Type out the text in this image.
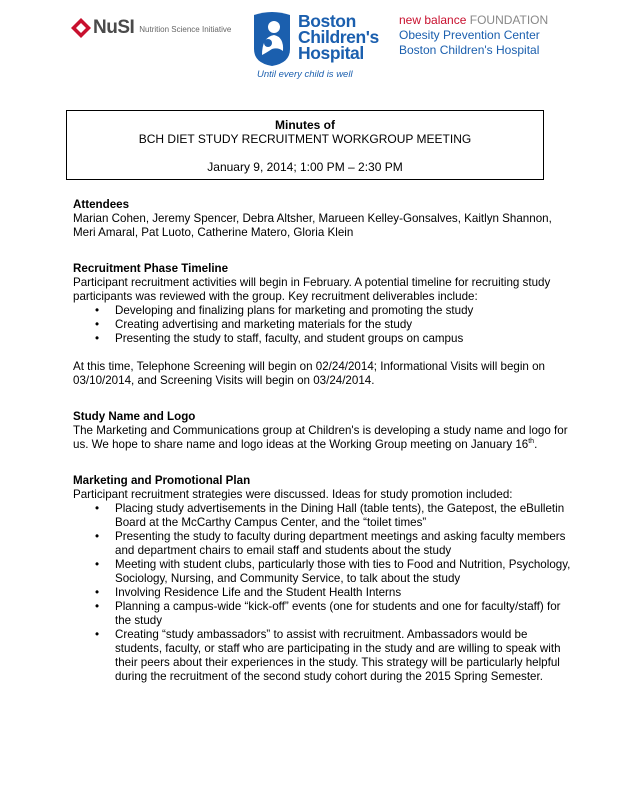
NuSI Nutrition Science Initiative	Boston
Children's
Hospital
Until every child is well
new balance FOUNDATION
Obesity Prevention Center
Boston Children's Hospital
Minutes of
BCH DIET STUDY RECRUITMENT WORKGROUP MEETING
January 9, 2014; 1:00 PM – 2:30 PM

Attendees

Marian Cohen, Jeremy Spencer, Debra Altsher, Marueen Kelley-Gonsalves, Kaitlyn Shannon, Meri Amaral, Pat Luoto, Catherine Matero, Gloria Klein

Recruitment Phase Timeline

Participant recruitment activities will begin in February. A potential timeline for recruiting study participants was reviewed with the group. Key recruitment deliverables include:

• Developing and finalizing plans for marketing and promoting the study
• Creating advertising and marketing materials for the study
• Presenting the study to staff, faculty, and student groups on campus

At this time, Telephone Screening will begin on 02/24/2014; Informational Visits will begin on 03/10/2014, and Screening Visits will begin on 03/24/2014.

Study Name and Logo

The Marketing and Communications group at Children's is developing a study name and logo for us. We hope to share name and logo ideas at the Working Group meeting on January 16th.

Marketing and Promotional Plan

Participant recruitment strategies were discussed. Ideas for study promotion included:

• Placing study advertisements in the Dining Hall (table tents), the Gatepost, the eBulletin Board at the McCarthy Campus Center, and the “toilet times”
• Presenting the study to faculty during department meetings and asking faculty members and department chairs to email staff and students about the study
• Meeting with student clubs, particularly those with ties to Food and Nutrition, Psychology, Sociology, Nursing, and Community Service, to talk about the study
• Involving Residence Life and the Student Health Interns
• Planning a campus-wide “kick-off” events (one for students and one for faculty/staff) for the study
• Creating “study ambassadors” to assist with recruitment. Ambassadors would be students, faculty, or staff who are participating in the study and are willing to speak with their peers about their experiences in the study. This strategy will be particularly helpful during the recruitment of the second study cohort during the 2015 Spring Semester.
